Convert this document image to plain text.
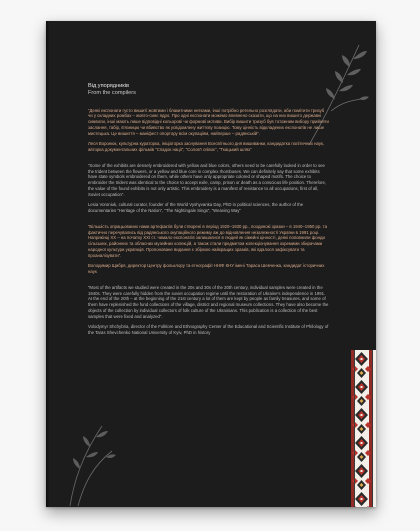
Від упорядників

From the compilers

“Деякі експонати густо вишиті жовтими і блакитними нитками, інші потрібно ретельно розглядати, аби помітити тризуб чи у складних ромбах – жовто-синє ядро. Про одні експонати можемо впевнено сказати, що на них вишито державні символи, інші мають лише відповідні кольорові чи формові мотиви. Вибір вишити тризуб був тотожним вибору прийняти заслання, табір, в'язницю чи вбивство як усвідомлену життєву позицію. Тому цінність відкладених експонатів не лише мистецька. Це вишиття – маніфест опортору всім окупаціям, найперше – радянській”.

Леся Воронюк, культурна кураторка, ініціаторка заснування Всесвітнього дня вишиванки, кандидатка політичних наук, авторка документальних фільмів “Спадок нації”, “Солов'ї співоє”, “Ткацький шлях”

“Some of the exhibits are densely embroidered with yellow and blue colors, others need to be carefully looked in order to see the trident between the flowers, or a yellow and blue core in complex rhombuses. We can definitely say that some exhibits have state symbols embroidered on them, while others have only appropriate colored or shaped motifs. The choice to embroider the trident was identical to the choice to accept exile, camp, prison or death as a conscious life position. Therefore, the value of the found exhibits is not only artistic. This embroidery is a manifest of resistance to all occupations, first of all, Soviet occupation”.

Lesia Voroniuk, cultural curator, founder of the World Vyshyvanka Day, PhD in political sciences, the author of the documentaries “Heritage of the Nation”, “The Nightingale Sings”, “Weaving Way”

“Більшість опрацьованих нами артефактів були створені в період 1920–1930 рр., поодинокі зразки – в 1940–1950 рр. та фактично перечувались від радянського окупаційного режиму аж до відновлення незалежності України в 1991 році. Наприкінці ХХ – на початку ХХІ ст. чимало експонатів залишалися в людей як сімейні цінності, деякі поповнили фонди сільських, районних та обласних музейних колекцій, а також стали предметом колекціонування окремими збирачами народної культури українців. Пропоноване видання є збіркою найкращих зразків, які вдалося зафіксувати та проаналізувати”.

Володимир Щибря, директор Центру фольклору та етнографії ННІФ КНУ імені Тараса Шевченка, кандидат історичних наук

“Most of the artifacts we studied were created in the 20s and 30s of the 20th century, individual samples were created in the 1940s. They were carefully hidden from the soviet occupation regime until the restoration of Ukraine's independence in 1991. At the end of the 20th – at the beginning of the 21st century a lot of them are kept by people as family treasures, and some of them have replenished the fund collections of the village, district and regional museum collections. They have also become the objects of the collection by individual collectors of folk culture of the Ukrainians. This publication is a collection of the best samples that were fixed and analyzed”.

Volodymyr Shchybria, director of the Folklore and Ethnography Center of the Educational and Scientific Institute of Philology of the Taras Shevchenko National University of Kyiv, PhD in history
